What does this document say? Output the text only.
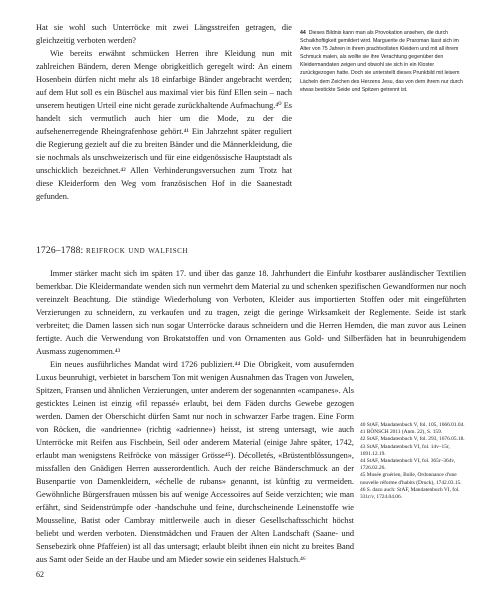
Hat sie wohl such Unterröcke mit zwei Längsstreifen getragen, die gleichzeitig verboten werden?

Wie bereits erwähnt schmücken Herren ihre Kleidung nun mit zahlreichen Bändern, deren Menge obrigkeitlich geregelt wird: An einem Hosenbein dürfen nicht mehr als 18 einfarbige Bänder angebracht werden; auf dem Hut soll es ein Büschel aus maximal vier bis fünf Ellen sein – nach unserem heutigen Urteil eine nicht gerade zurückhaltende Aufmachung.⁴⁰ Es handelt sich vermutlich auch hier um die Mode, zu der die aufsehenerregende Rheingrafenhose gehört.⁴¹ Ein Jahrzehnt später reguliert die Regierung gezielt auf die zu breiten Bänder und die Männerkleidung, die sie nochmals als unschweizerisch und für eine eidgenössische Hauptstadt als unschicklich bezeichnet.⁴² Allen Verhinderungsversuchen zum Trotz hat diese Kleiderform den Weg vom französischen Hof in die Saanestadt gefunden.

44 Dieses Bildnis kann man als Provokation ansehen, die durch Schaikhoftigkeit gemildert wird. Marguerite de Praroman lässt sich im Alter von 75 Jahren in ihrem prachtvollsten Kleidern und mit all ihrem Schmuck malen, als wollte sie ihre Verachtung gegenüber den Kleidermandaten zeigen und obwohl sie sich in ein Kloster zurückgezogen hatte. Doch sie unterstellt dieses Prunkbild mit leisem Lächeln dem Zeichen des Herzens Jesu, das von dem ihrem nur durch etwas bestickte Seide und Spitzen getrennt ist.
1726–1788: reifrock und walfisch

Immer stärker macht sich im späten 17. und über das ganze 18. Jahrhundert die Einfuhr kostbarer ausländischer Textilien bemerkbar. Die Kleidermandate wenden sich nun vermehrt dem Material zu und schenken spezifischen Gewandformen nur noch vereinzelt Beachtung. Die ständige Wiederholung von Verboten, Kleider aus importierten Stoffen oder mit eingeführten Verzierungen zu schneidern, zu verkaufen und zu tragen, zeigt die geringe Wirksamkeit der Reglemente. Seide ist stark verbreitet; die Damen lassen sich nun sogar Unterröcke daraus schneidern und die Herren Hemden, die man zuvor aus Leinen fertigte. Auch die Verwendung von Brokatstoffen und von Ornamenten aus Gold- und Silberfäden hat in beunruhigendem Ausmass zugenommen.⁴³

Ein neues ausführliches Mandat wird 1726 publiziert.⁴⁴ Die Obrigkeit, vom ausufernden Luxus beunruhigt, verbietet in barschem Ton mit wenigen Ausnahmen das Tragen von Juwelen, Spitzen, Fransen und ähnlichen Verzierungen, unter anderem der sogenannten «campanes». Als gesticktes Leinen ist einzig «fil repassé» erlaubt, bei dem Fäden durchs Gewebe gezogen werden. Damen der Oberschicht dürfen Samt nur noch in schwarzer Farbe tragen. Eine Form von Röcken, die «andrienne» (richtig «adrienne») heisst, ist streng untersagt, wie auch Unterröcke mit Reifen aus Fischbein, Seil oder anderem Material (einige Jahre später, 1742, erlaubt man wenigstens Reifröcke von mässiger Grösse⁴⁵). Décolletés, «Brüstentblössungen», missfallen den Gnädigen Herren ausserordentlich. Auch der reiche Bänderschmuck an der Busenpartie von Damenkleidern, «échelle de rubans» genannt, ist künftig zu vermeiden. Gewöhnliche Bürgersfrauen müssen bis auf wenige Accessoires auf Seide verzichten; wie man erfährt, sind Seidenstrümpfe oder -handschuhe und feine, durchscheinende Leinenstoffe wie Mousseline, Batist oder Cambray mittlerweile auch in dieser Gesellschaftsschicht höchst beliebt und werden verboten. Dienstmädchen und Frauen der Alten Landschaft (Saane- und Sensebezirk ohne Pfaffeien) ist all das untersagt; erlaubt bleibt ihnen ein nicht zu breites Band aus Samt oder Seide an der Haube und am Mieder sowie ein seidenes Halstuch.⁴⁶

40 StAF, Mandatenbuch V, fol. 105, 1666.01.04.
41 BÖNSCH 2011 (Anm. 22), S. 159.
42 StAF, Mandatenbuch V, fol. 293, 1676.05.18.
43 StAF, Mandatenbuch VI, fol. 14v–15r, 1691.12.19.
44 StAF, Mandatenbuch VI, fol. 365r–364v, 1726.02.26.
45 Musée gruérien, Bulle, Ordonnance d'une nouvelle réforme d'habits (Druck), 1742.03.15.
46 S. dazu auch: StAF, Mandatenbuch VI, fol. 331r/v, 1724.04.06.
62
